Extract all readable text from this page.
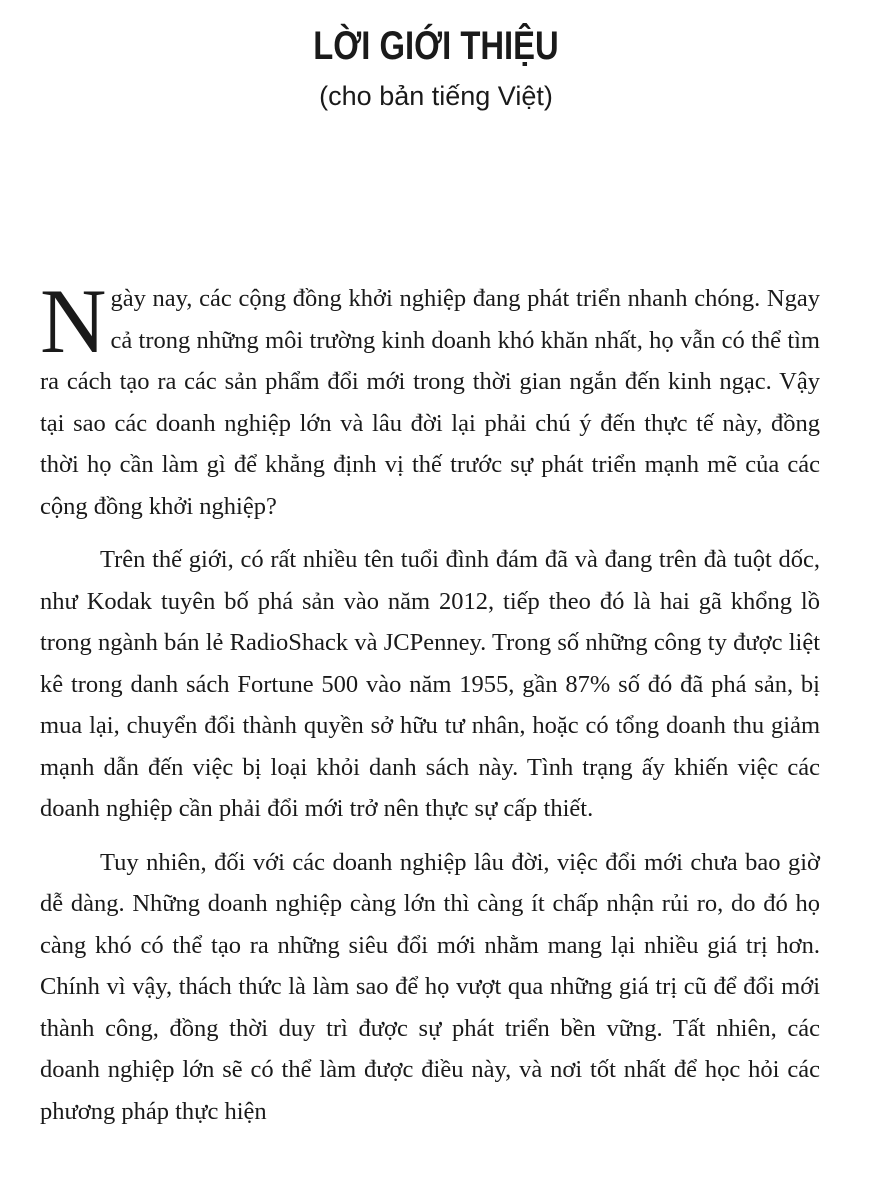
LỜI GIỚI THIỆU
(cho bản tiếng Việt)

Ngày nay, các cộng đồng khởi nghiệp đang phát triển nhanh chóng. Ngay cả trong những môi trường kinh doanh khó khăn nhất, họ vẫn có thể tìm ra cách tạo ra các sản phẩm đổi mới trong thời gian ngắn đến kinh ngạc. Vậy tại sao các doanh nghiệp lớn và lâu đời lại phải chú ý đến thực tế này, đồng thời họ cần làm gì để khẳng định vị thế trước sự phát triển mạnh mẽ của các cộng đồng khởi nghiệp?

Trên thế giới, có rất nhiều tên tuổi đình đám đã và đang trên đà tuột dốc, như Kodak tuyên bố phá sản vào năm 2012, tiếp theo đó là hai gã khổng lồ trong ngành bán lẻ RadioShack và JCPenney. Trong số những công ty được liệt kê trong danh sách Fortune 500 vào năm 1955, gần 87% số đó đã phá sản, bị mua lại, chuyển đổi thành quyền sở hữu tư nhân, hoặc có tổng doanh thu giảm mạnh dẫn đến việc bị loại khỏi danh sách này. Tình trạng ấy khiến việc các doanh nghiệp cần phải đổi mới trở nên thực sự cấp thiết.

Tuy nhiên, đối với các doanh nghiệp lâu đời, việc đổi mới chưa bao giờ dễ dàng. Những doanh nghiệp càng lớn thì càng ít chấp nhận rủi ro, do đó họ càng khó có thể tạo ra những siêu đổi mới nhằm mang lại nhiều giá trị hơn. Chính vì vậy, thách thức là làm sao để họ vượt qua những giá trị cũ để đổi mới thành công, đồng thời duy trì được sự phát triển bền vững. Tất nhiên, các doanh nghiệp lớn sẽ có thể làm được điều này, và nơi tốt nhất để học hỏi các phương pháp thực hiện
